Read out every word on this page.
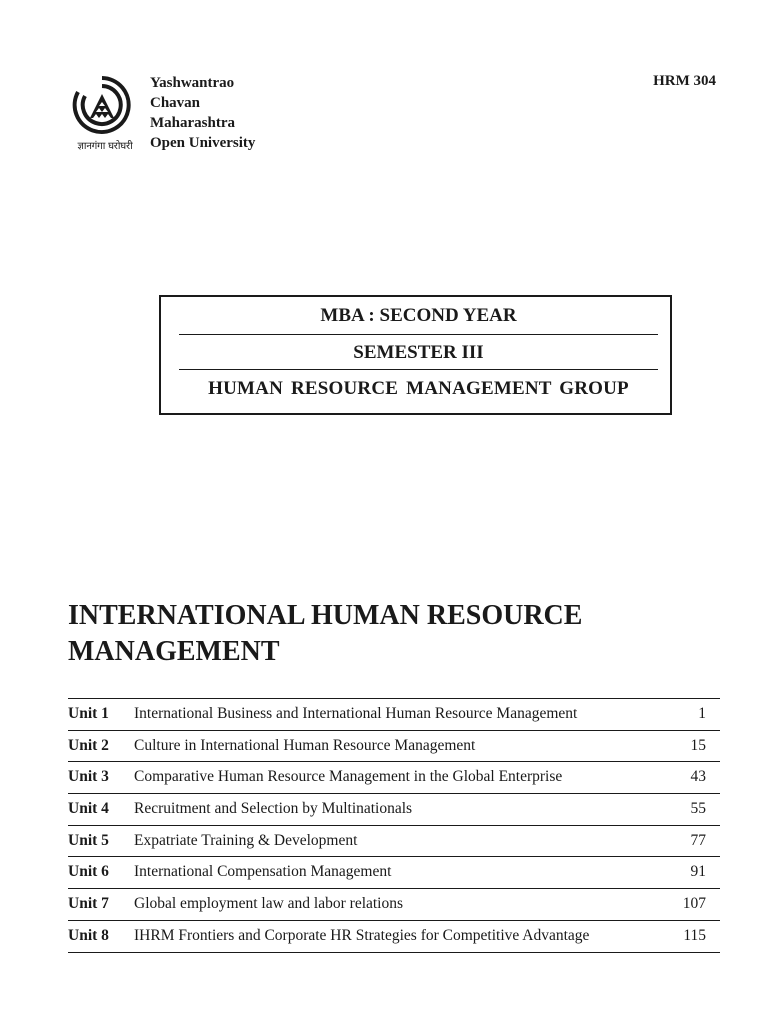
ज्ञानगंगा घरोघरी
Yashwantrao
Chavan
Maharashtra
Open University
HRM 304
MBA : SECOND YEAR
SEMESTER III
HUMAN RESOURCE MANAGEMENT GROUP
INTERNATIONAL HUMAN RESOURCE
MANAGEMENT
Unit 1 International Business and International Human Resource Management	1
Unit 2 Culture in International Human Resource Management	15
Unit 3 Comparative Human Resource Management in the Global Enterprise	43
Unit 4 Recruitment and Selection by Multinationals	55
Unit 5 Expatriate Training & Development	77
Unit 6 International Compensation Management	91
Unit 7 Global employment law and labor relations	107
Unit 8 IHRM Frontiers and Corporate HR Strategies for Competitive Advantage	115
